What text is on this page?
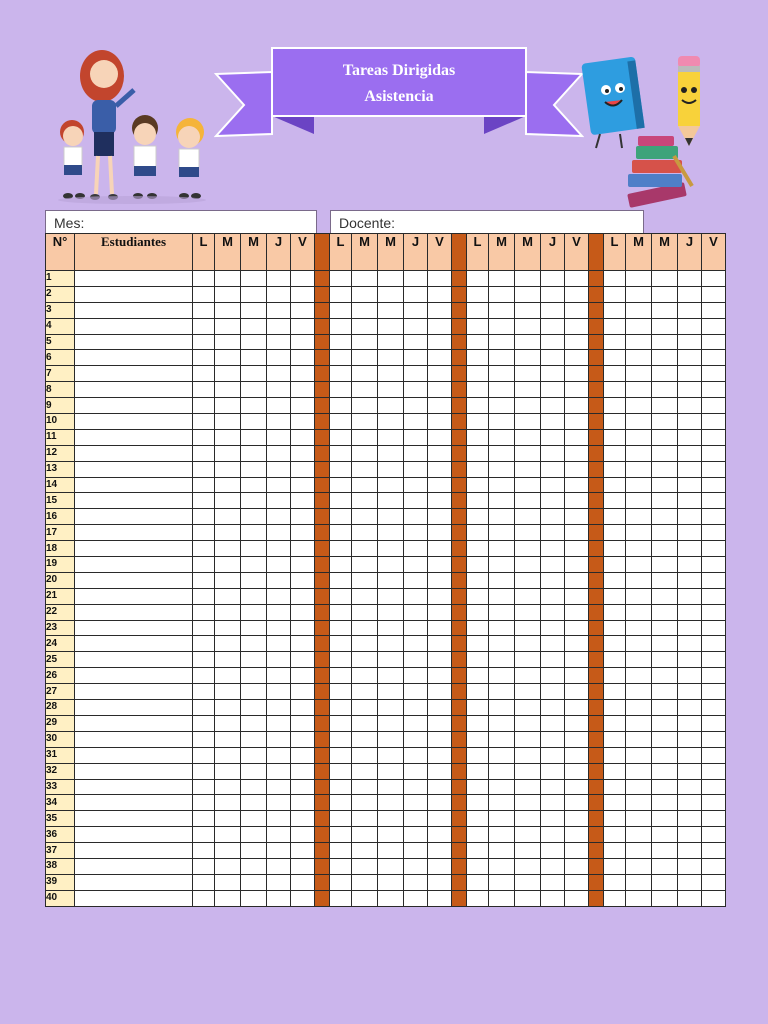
Tareas Dirigidas
Asistencia
Mes:	Docente:
N°	Estudiantes	L	M	M	J	V		L	M	M	J	V		L	M	M	J	V		L	M	M	J	V
1																								
2																								
3																								
4																								
5																								
6																								
7																								
8																								
9																								
10																								
11																								
12																								
13																								
14																								
15																								
16																								
17																								
18																								
19																								
20																								
21																								
22																								
23																								
24																								
25																								
26																								
27																								
28																								
29																								
30																								
31																								
32																								
33																								
34																								
35																								
36																								
37																								
38																								
39																								
40																								
